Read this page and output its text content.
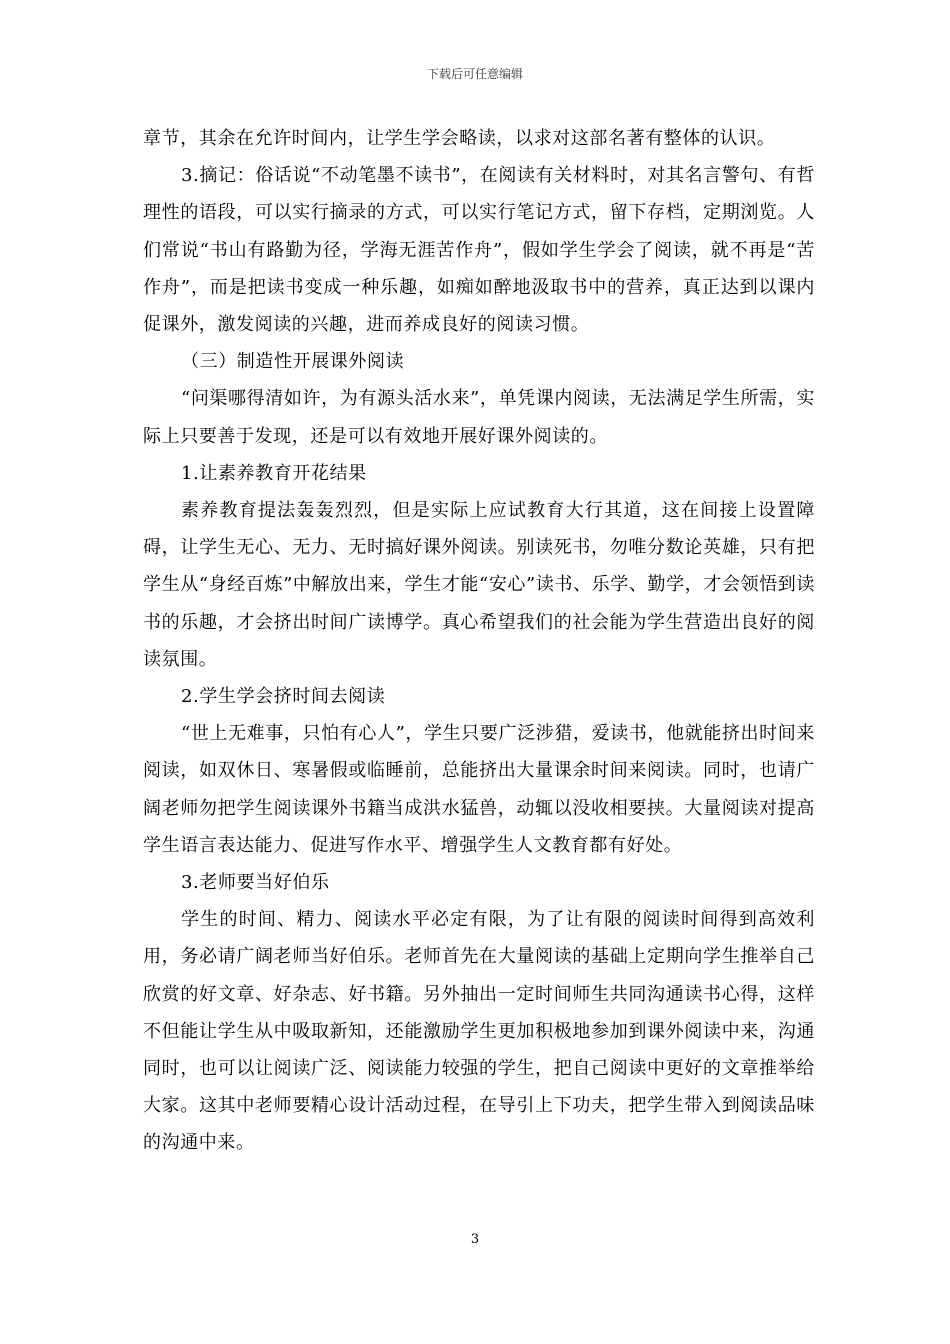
下载后可任意编辑

章节，其余在允许时间内，让学生学会略读，以求对这部名著有整体的认识。

3.摘记：俗话说“不动笔墨不读书”，在阅读有关材料时，对其名言警句、有哲理性的语段，可以实行摘录的方式，可以实行笔记方式，留下存档，定期浏览。人们常说“书山有路勤为径，学海无涯苦作舟”，假如学生学会了阅读，就不再是“苦作舟”，而是把读书变成一种乐趣，如痴如醉地汲取书中的营养，真正达到以课内促课外，激发阅读的兴趣，进而养成良好的阅读习惯。

（三）制造性开展课外阅读

“问渠哪得清如许，为有源头活水来”，单凭课内阅读，无法满足学生所需，实际上只要善于发现，还是可以有效地开展好课外阅读的。

1.让素养教育开花结果

素养教育提法轰轰烈烈，但是实际上应试教育大行其道，这在间接上设置障碍，让学生无心、无力、无时搞好课外阅读。别读死书，勿唯分数论英雄，只有把学生从“身经百炼”中解放出来，学生才能“安心”读书、乐学、勤学，才会领悟到读书的乐趣，才会挤出时间广读博学。真心希望我们的社会能为学生营造出良好的阅读氛围。

2.学生学会挤时间去阅读

“世上无难事，只怕有心人”，学生只要广泛涉猎，爱读书，他就能挤出时间来阅读，如双休日、寒暑假或临睡前，总能挤出大量课余时间来阅读。同时，也请广阔老师勿把学生阅读课外书籍当成洪水猛兽，动辄以没收相要挟。大量阅读对提高学生语言表达能力、促进写作水平、增强学生人文教育都有好处。

3.老师要当好伯乐

学生的时间、精力、阅读水平必定有限，为了让有限的阅读时间得到高效利用，务必请广阔老师当好伯乐。老师首先在大量阅读的基础上定期向学生推举自己欣赏的好文章、好杂志、好书籍。另外抽出一定时间师生共同沟通读书心得，这样不但能让学生从中吸取新知，还能激励学生更加积极地参加到课外阅读中来，沟通同时，也可以让阅读广泛、阅读能力较强的学生，把自己阅读中更好的文章推举给大家。这其中老师要精心设计活动过程，在导引上下功夫，把学生带入到阅读品味的沟通中来。

3
